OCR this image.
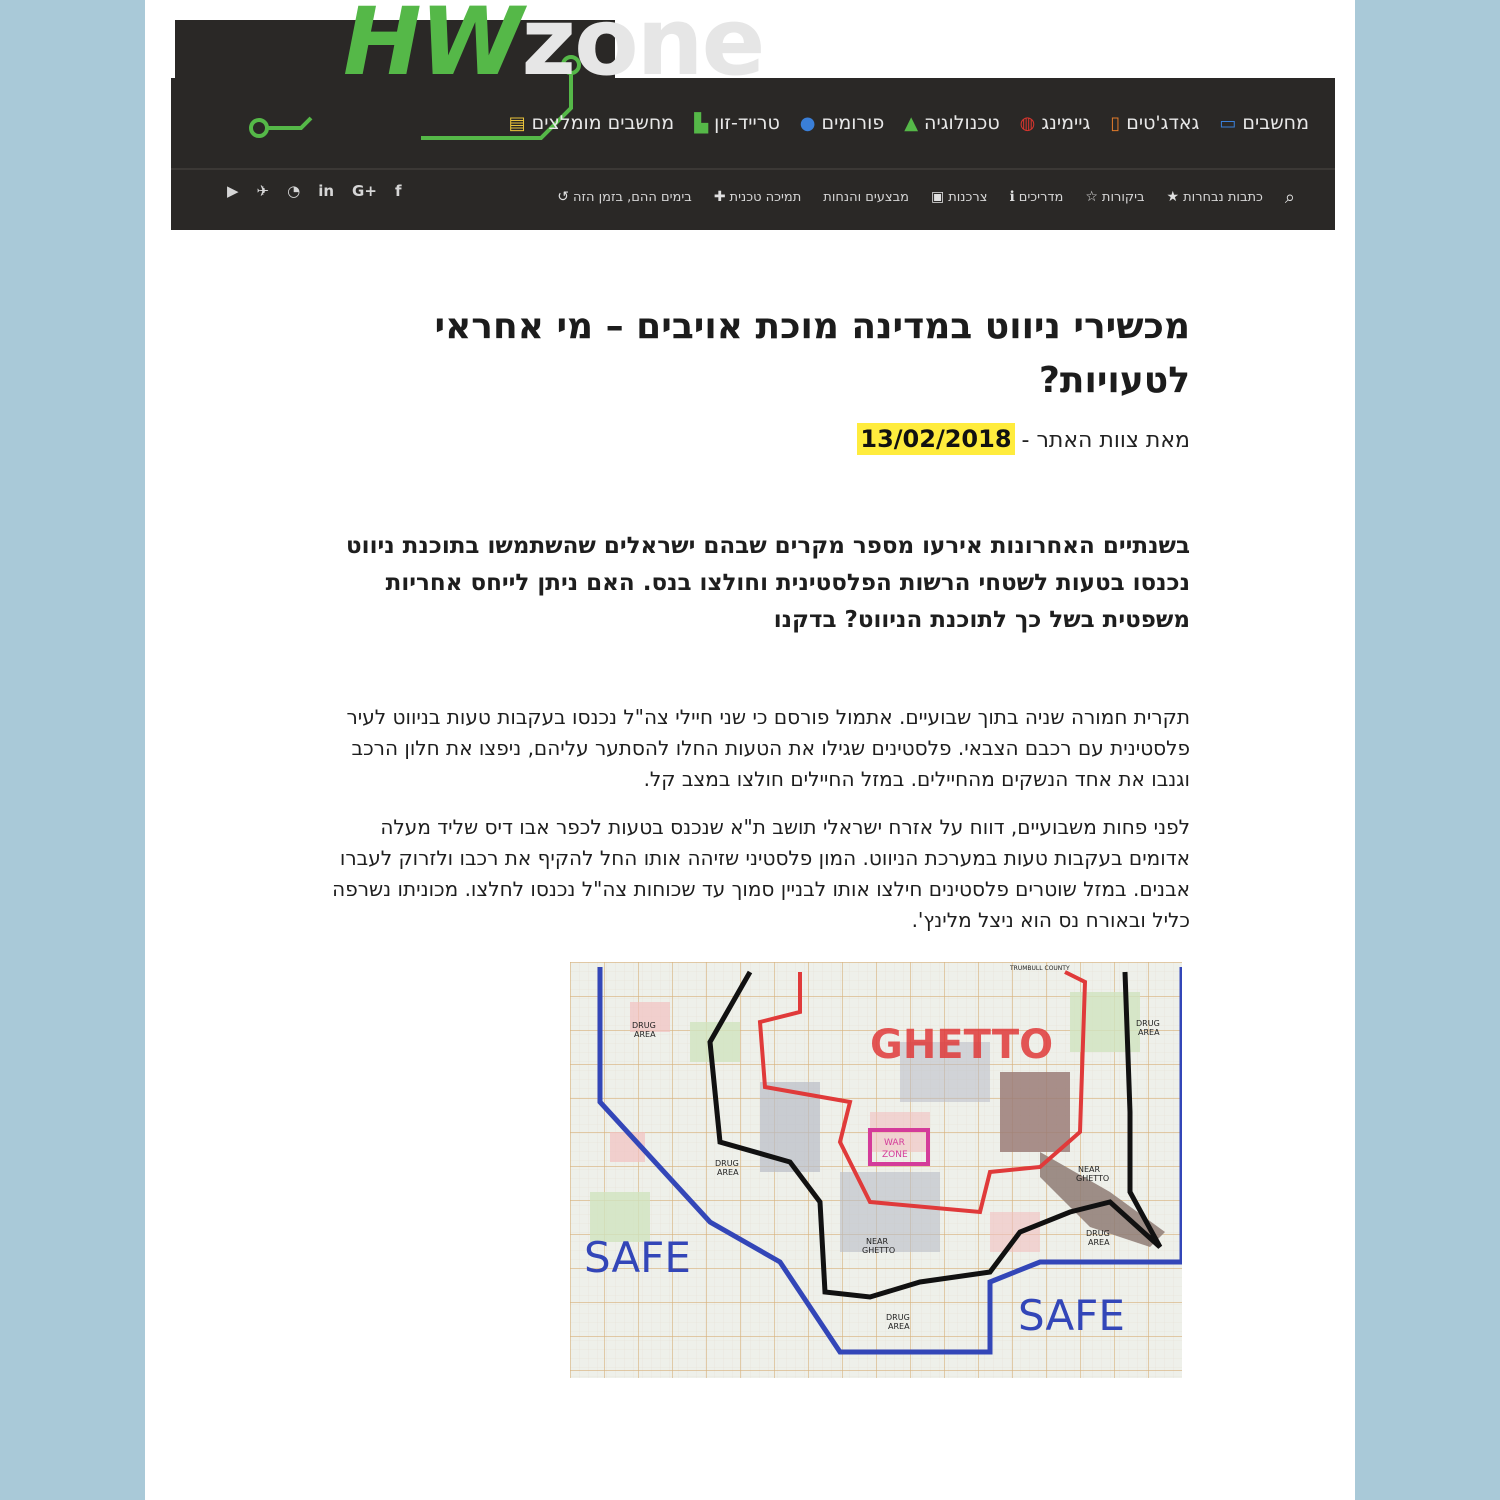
HWzone
▭ מחשבים
▯ גאדג'טים
◍ גיימינג
▲ טכנולוגיה
● פורומים
▙ טרייד-זון
▤ מחשבים מומלצים
⌕
★ כתבות נבחרות
☆ ביקורות
ℹ מדריכים
▣ צרכנות
מבצעים והנחות
✚ תמיכה טכנית
↺ בימים ההם, בזמן הזה
▶ ✈ ◔ in G+ f
מכשירי ניווט במדינה מוכת אויבים – מי אחראי לטעויות?
מאת צוות האתר - 13/02/2018

בשנתיים האחרונות אירעו מספר מקרים שבהם ישראלים שהשתמשו בתוכנת ניווט נכנסו בטעות לשטחי הרשות הפלסטינית וחולצו בנס. האם ניתן לייחס אחריות משפטית בשל כך לתוכנת הניווט? בדקנו

תקרית חמורה שניה בתוך שבועיים. אתמול פורסם כי שני חיילי צה"ל נכנסו בעקבות טעות בניווט לעיר פלסטינית עם רכבם הצבאי. פלסטינים שגילו את הטעות החלו להסתער עליהם, ניפצו את חלון הרכב וגנבו את אחד הנשקים מהחיילים. במזל החיילים חולצו במצב קל.

לפני פחות משבועיים, דווח על אזרח ישראלי תושב ת"א שנכנס בטעות לכפר אבו דיס שליד מעלה אדומים בעקבות טעות במערכת הניווט. המון פלסטיני שזיהה אותו החל להקיף את רכבו ולזרוק לעברו אבנים. במזל שוטרים פלסטינים חילצו אותו לבניין סמוך עד שכוחות צה"ל נכנסו לחלצו. מכוניתו נשרפה כליל ובאורח נס הוא ניצל מלינץ'.

GHETTO
SAFE
SAFE
WAR
ZONE
DRUG
AREA
DRUG
AREA
DRUG
AREA
DRUG
AREA
DRUG
AREA
NEAR
GHETTO
NEAR
GHETTO
TRUMBULL COUNTY
